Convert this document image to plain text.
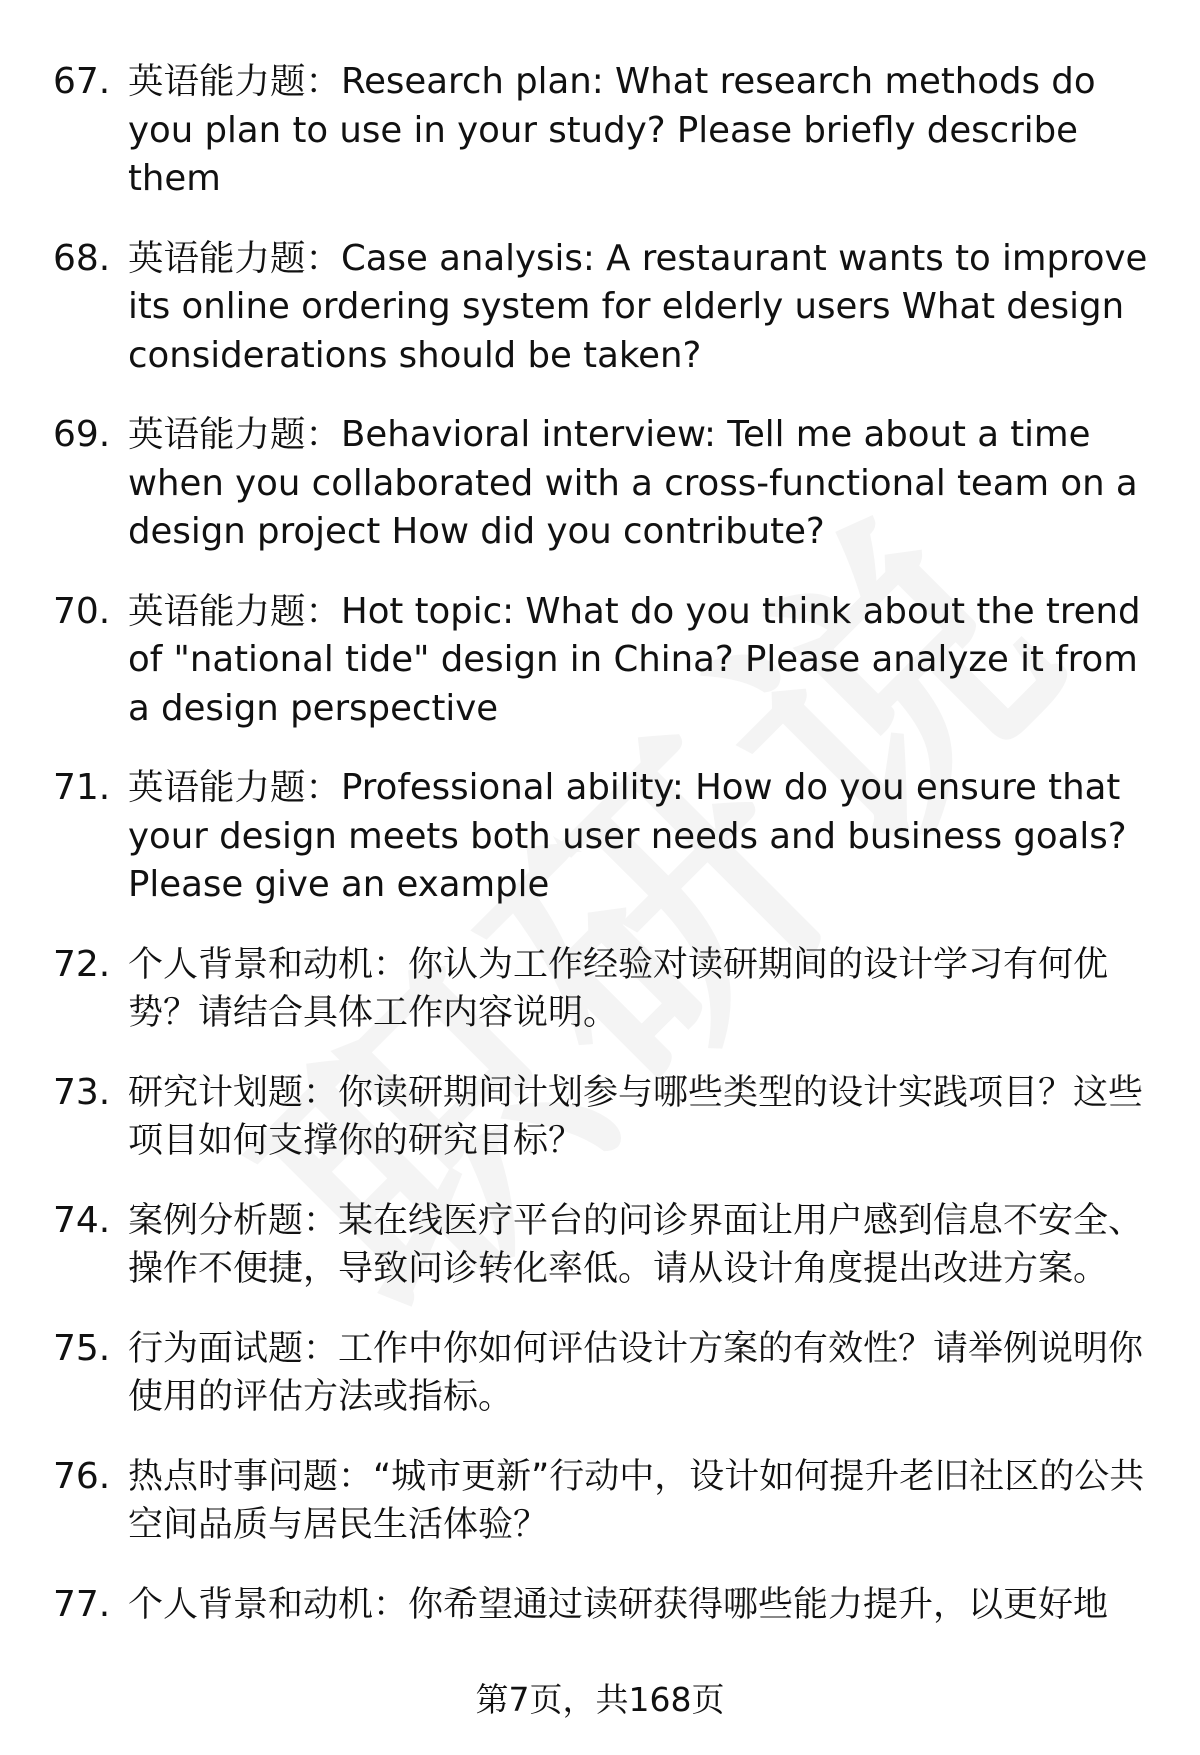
67. 英语能力题：Research plan: What research methods do you plan to use in your study? Please briefly describe them
68. 英语能力题：Case analysis: A restaurant wants to improve its online ordering system for elderly users What design considerations should be taken?
69. 英语能力题：Behavioral interview: Tell me about a time when you collaborated with a cross-functional team on a design project How did you contribute?
70. 英语能力题：Hot topic: What do you think about the trend of "national tide" design in China? Please analyze it from a design perspective
71. 英语能力题：Professional ability: How do you ensure that your design meets both user needs and business goals? Please give an example
72. 个人背景和动机：你认为工作经验对读研期间的设计学习有何优势？请结合具体工作内容说明。
73. 研究计划题：你读研期间计划参与哪些类型的设计实践项目？这些项目如何支撑你的研究目标？
74. 案例分析题：某在线医疗平台的问诊界面让用户感到信息不安全、操作不便捷，导致问诊转化率低。请从设计角度提出改进方案。
75. 行为面试题：工作中你如何评估设计方案的有效性？请举例说明你使用的评估方法或指标。
76. 热点时事问题：“城市更新”行动中，设计如何提升老旧社区的公共空间品质与居民生活体验？
77. 个人背景和动机：你希望通过读研获得哪些能力提升，以更好地
第7页，共168页
